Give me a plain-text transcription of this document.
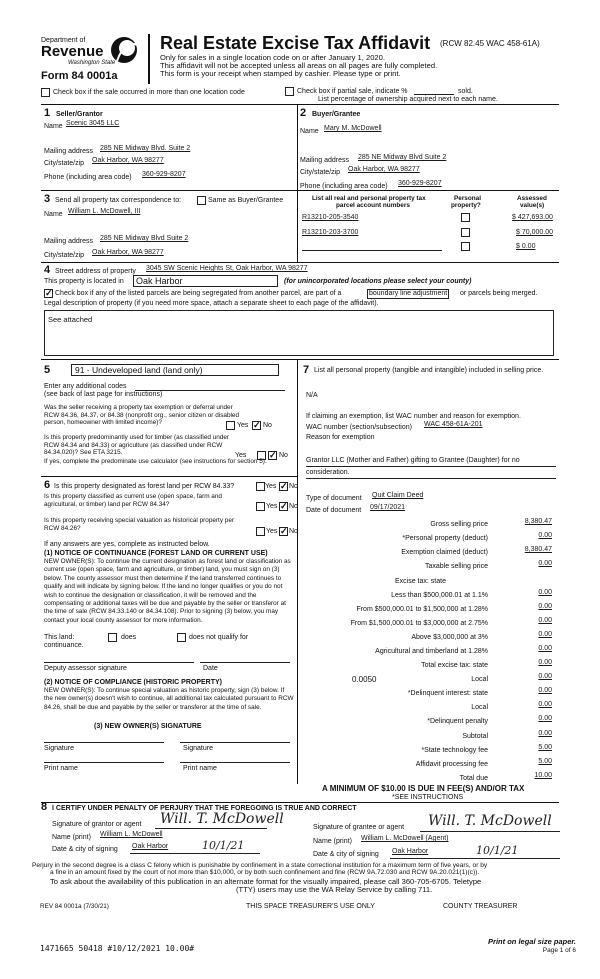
Department of
Revenue
Washington State
Form 84 0001a
Real Estate Excise Tax Affidavit (RCW 82.45 WAC 458-61A)
Only for sales in a single location code on or after January 1, 2020.
This affidavit will not be accepted unless all areas on all pages are fully completed.
This form is your receipt when stamped by cashier. Please type or print.
Check box if the sale occurred in more than one location code	Check box if partial sale, indicate %	sold.
List percentage of ownership acquired next to each name.
1 Seller/Grantor
Name Scenic 3045 LLC
Mailing address 285 NE Midway Blvd. Suite 2
City/state/zip Oak Harbor, WA 98277
Phone (including area code) 360-929-8207
2 Buyer/Grantee
Name Mary M. McDowell
Mailing address 285 NE Midway Blvd Suite 2
City/state/zip Oak Harbor, WA 98277
Phone (including area code) 360-929-8207
3 Send all property tax correspondence to:	Same as Buyer/Grantee
Name William L. McDowell, III
Mailing address 285 NE Midway Blvd Suite 2
City/state/zip Oak Harbor, WA 98277
List all real and personal property tax
parcel account numbers
Personal
property?
Assessed
value(s)
R13210-205-3540	$ 427,693.00
R13210-203-3700	$ 70,000.00
$ 0.00
4 Street address of property 3045 SW Scenic Heights St, Oak Harbor, WA 98277
This property is located in	Oak Harbor	(for unincorporated locations please select your county)
✓
Check box if any of the listed parcels are being segregated from another parcel, are part of a	boundary line adjustment or parcels being merged.
Legal description of property (if you need more space, attach a separate sheet to each page of the affidavit).
See attached
5	91 - Undeveloped land (land only)
Enter any additional codes
(see back of last page for instructions)
Was the seller receiving a property tax exemption or deferral under RCW 84.36, 84.37, or 84.38 (nonprofit org., senior citizen or disabled person, homeowner with limited income)?	Yes ✓ No
Is this property predominantly used for timber (as classified under RCW 84.34 and 84.33) or agriculture (as classified under RCW 84.34.020)? See ETA 3215.	Yes ✓	No
If yes, complete the predominate use calculator (see instructions for section 5).
6 Is this property designated as forest land per RCW 84.33?	Yes ✓ No
Is this property classified as current use (open space, farm and agricultural, or timber) land per RCW 84.34?	Yes ✓ No
Is this property receiving special valuation as historical property per RCW 84.26?	Yes ✓ No
If any answers are yes, complete as instructed below.
(1) NOTICE OF CONTINUANCE (FOREST LAND OR CURRENT USE)
NEW OWNER(S): To continue the current designation as forest land or classification as current use (open space, farm and agriculture, or timber) land, you must sign on (3) below. The county assessor must then determine if the land transferred continues to qualify and will indicate by signing below. If the land no longer qualifies or you do not wish to continue the designation or classification, it will be removed and the compensating or additional taxes will be due and payable by the seller or transferor at the time of sale (RCW 84.33.140 or 84.34.108). Prior to signing (3) below, you may contact your local county assessor for more information.
This land:	does	does not qualify for
continuance.
Deputy assessor signature	Date
(2) NOTICE OF COMPLIANCE (HISTORIC PROPERTY)
NEW OWNER(S): To continue special valuation as historic property, sign (3) below. If the new owner(s) doesn't wish to continue, all additional tax calculated pursuant to RCW 84.26, shall be due and payable by the seller or transferor at the time of sale.
(3) NEW OWNER(S) SIGNATURE
Signature	Signature
Print name	Print name
7 List all personal property (tangible and intangible) included in selling price.
N/A
If claiming an exemption, list WAC number and reason for exemption.
WAC number (section/subsection) WAC 458-61A-201
Reason for exemption
Grantor LLC (Mother and Father) gifting to Grantee (Daughter) for no consideration.
Type of document Quit Claim Deed
Date of document 09/17/2021
Gross selling price	8,380.47
*Personal property (deduct)	0.00
Exemption claimed (deduct)	8,380.47
Taxable selling price	0.00
Excise tax: state
Less than $500,000.01 at 1.1%	0.00
From $500,000.01 to $1,500,000 at 1.28%	0.00
From $1,500,000.01 to $3,000,000 at 2.75%	0.00
Above $3,000,000 at 3%	0.00
Agricultural and timberland at 1.28%	0.00
Total excise tax: state	0.00
0.0050	Local	0.00
*Delinquent interest: state	0.00
Local	0.00
*Delinquent penalty	0.00
Subtotal	0.00
*State technology fee	5.00
Affidavit processing fee	5.00
Total due	10.00
A MINIMUM OF $10.00 IS DUE IN FEE(S) AND/OR TAX
*SEE INSTRUCTIONS
8 I CERTIFY UNDER PENALTY OF PERJURY THAT THE FOREGOING IS TRUE AND CORRECT
Signature of grantor or agent Will. T. McDowell
Name (print) William L. McDowell
Date & city of signing Oak Harbor	10/1/21
Signature of grantee or agent Will. T. McDowell
Name (print) William L. McDowell (Agent)
Date & city of signing Oak Harbor	10/1/21
Perjury in the second degree is a class C felony which is punishable by confinement in a state correctional institution for a maximum term of five years, or by
a fine in an amount fixed by the court of not more than $10,000, or by both such confinement and fine (RCW 9A.72.030 and RCW 9A.20.021(1)(c)).
To ask about the availability of this publication in an alternate format for the visually impaired, please call 360-705-6705. Teletype
(TTY) users may use the WA Relay Service by calling 711.
REV 84 0001a (7/30/21)	THIS SPACE TREASURER'S USE ONLY	COUNTY TREASURER
1471665 50418 #10/12/2021 10.00#
Print on legal size paper.
Page 1 of 6
